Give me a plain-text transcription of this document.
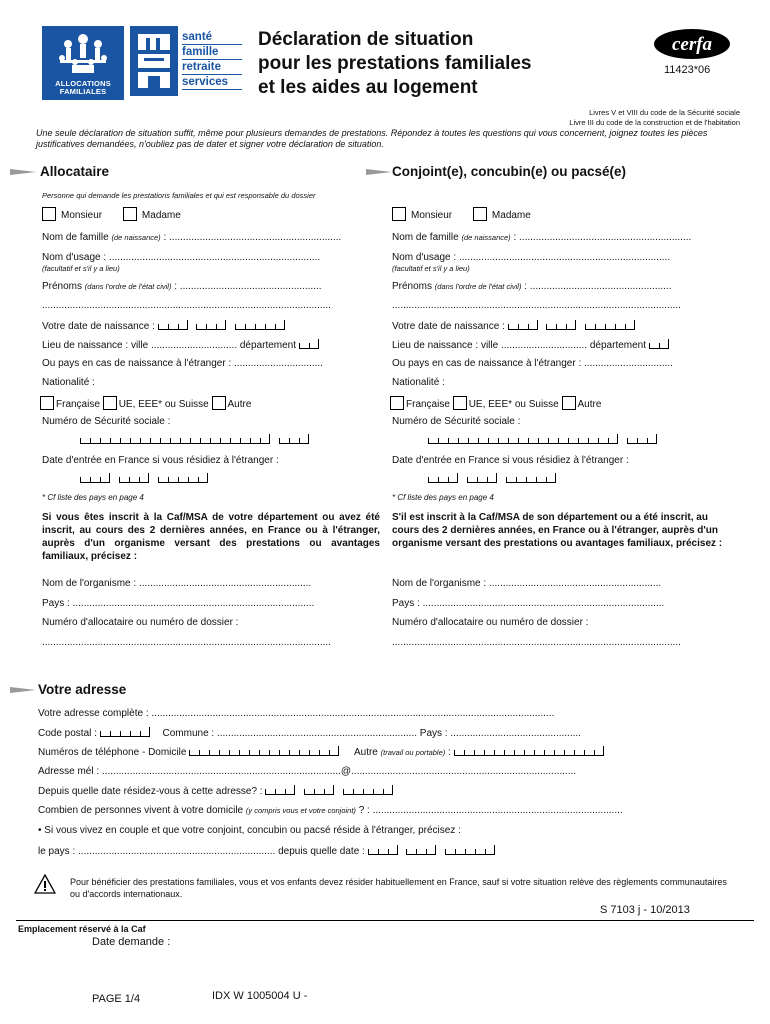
ALLOCATIONS FAMILIALES
santé
famille
retraite
services
Déclaration de situation
pour les prestations familiales
et les aides au logement
cerfa
11423*06
Livres V et VIII du code de la Sécurité sociale
Livre III du code de la construction et de l'habitation
Une seule déclaration de situation suffit, même pour plusieurs demandes de prestations. Répondez à toutes les questions qui vous concernent, joignez toutes les pièces justificatives demandées, n'oubliez pas de dater et signer votre déclaration de situation.
Allocataire	Conjoint(e), concubin(e) ou pacsé(e)
Personne qui demande les prestations familiales et qui est responsable du dossier
Monsieur	Madame
Nom de famille (de naissance) : ..............................................................
Nom d'usage : ............................................................................
(facultatif et s'il y a lieu)
Prénoms (dans l'ordre de l'état civil) : ...................................................
........................................................................................................
Votre date de naissance :
Lieu de naissance : ville ............................... département
Ou pays en cas de naissance à l'étranger : ................................
Nationalité :
Française UE, EEE* ou Suisse Autre
Numéro de Sécurité sociale :

Date d'entrée en France si vous résidiez à l'étranger :

* Cf liste des pays en page 4
Si vous êtes inscrit à la Caf/MSA de votre département ou avez été inscrit, au cours des 2 dernières années, en France ou à l'étranger, auprès d'un organisme versant des prestations ou avantages familiaux, précisez :
Nom de l'organisme : ..............................................................
Pays : .......................................................................................
Numéro d'allocataire ou numéro de dossier :
........................................................................................................
Monsieur	Madame
Nom de famille (de naissance) : ..............................................................
Nom d'usage : ............................................................................
(facultatif et s'il y a lieu)
Prénoms (dans l'ordre de l'état civil) : ...................................................
........................................................................................................
Votre date de naissance :
Lieu de naissance : ville ............................... département
Ou pays en cas de naissance à l'étranger : ................................
Nationalité :
Française UE, EEE* ou Suisse Autre
Numéro de Sécurité sociale :

Date d'entrée en France si vous résidiez à l'étranger :

* Cf liste des pays en page 4
S'il est inscrit à la Caf/MSA de son département ou a été inscrit, au cours des 2 dernières années, en France ou à l'étranger, auprès d'un organisme versant des prestations ou avantages familiaux, précisez :
Nom de l'organisme : ..............................................................
Pays : .......................................................................................
Numéro d'allocataire ou numéro de dossier :
........................................................................................................
Votre adresse
Votre adresse complète : .................................................................................................................................................
Code postal :	Commune : ........................................................................ Pays : ...............................................
Numéros de téléphone - Domicile	Autre (travail ou portable) :
Adresse mél : ......................................................................................@.................................................................................
Depuis quelle date résidez-vous à cette adresse? :
Combien de personnes vivent à votre domicile (y compris vous et votre conjoint) ? : ..........................................................................................
• Si vous vivez en couple et que votre conjoint, concubin ou pacsé réside à l'étranger, précisez :
le pays : ....................................................................... depuis quelle date :
Pour bénéficier des prestations familiales, vous et vos enfants devez résider habituellement en France, sauf si votre situation relève des règlements communautaires ou d'accords internationaux.
S 7103 j - 10/2013
Emplacement réservé à la Caf
Date demande :
PAGE 1/4	IDX W 1005004 U -
